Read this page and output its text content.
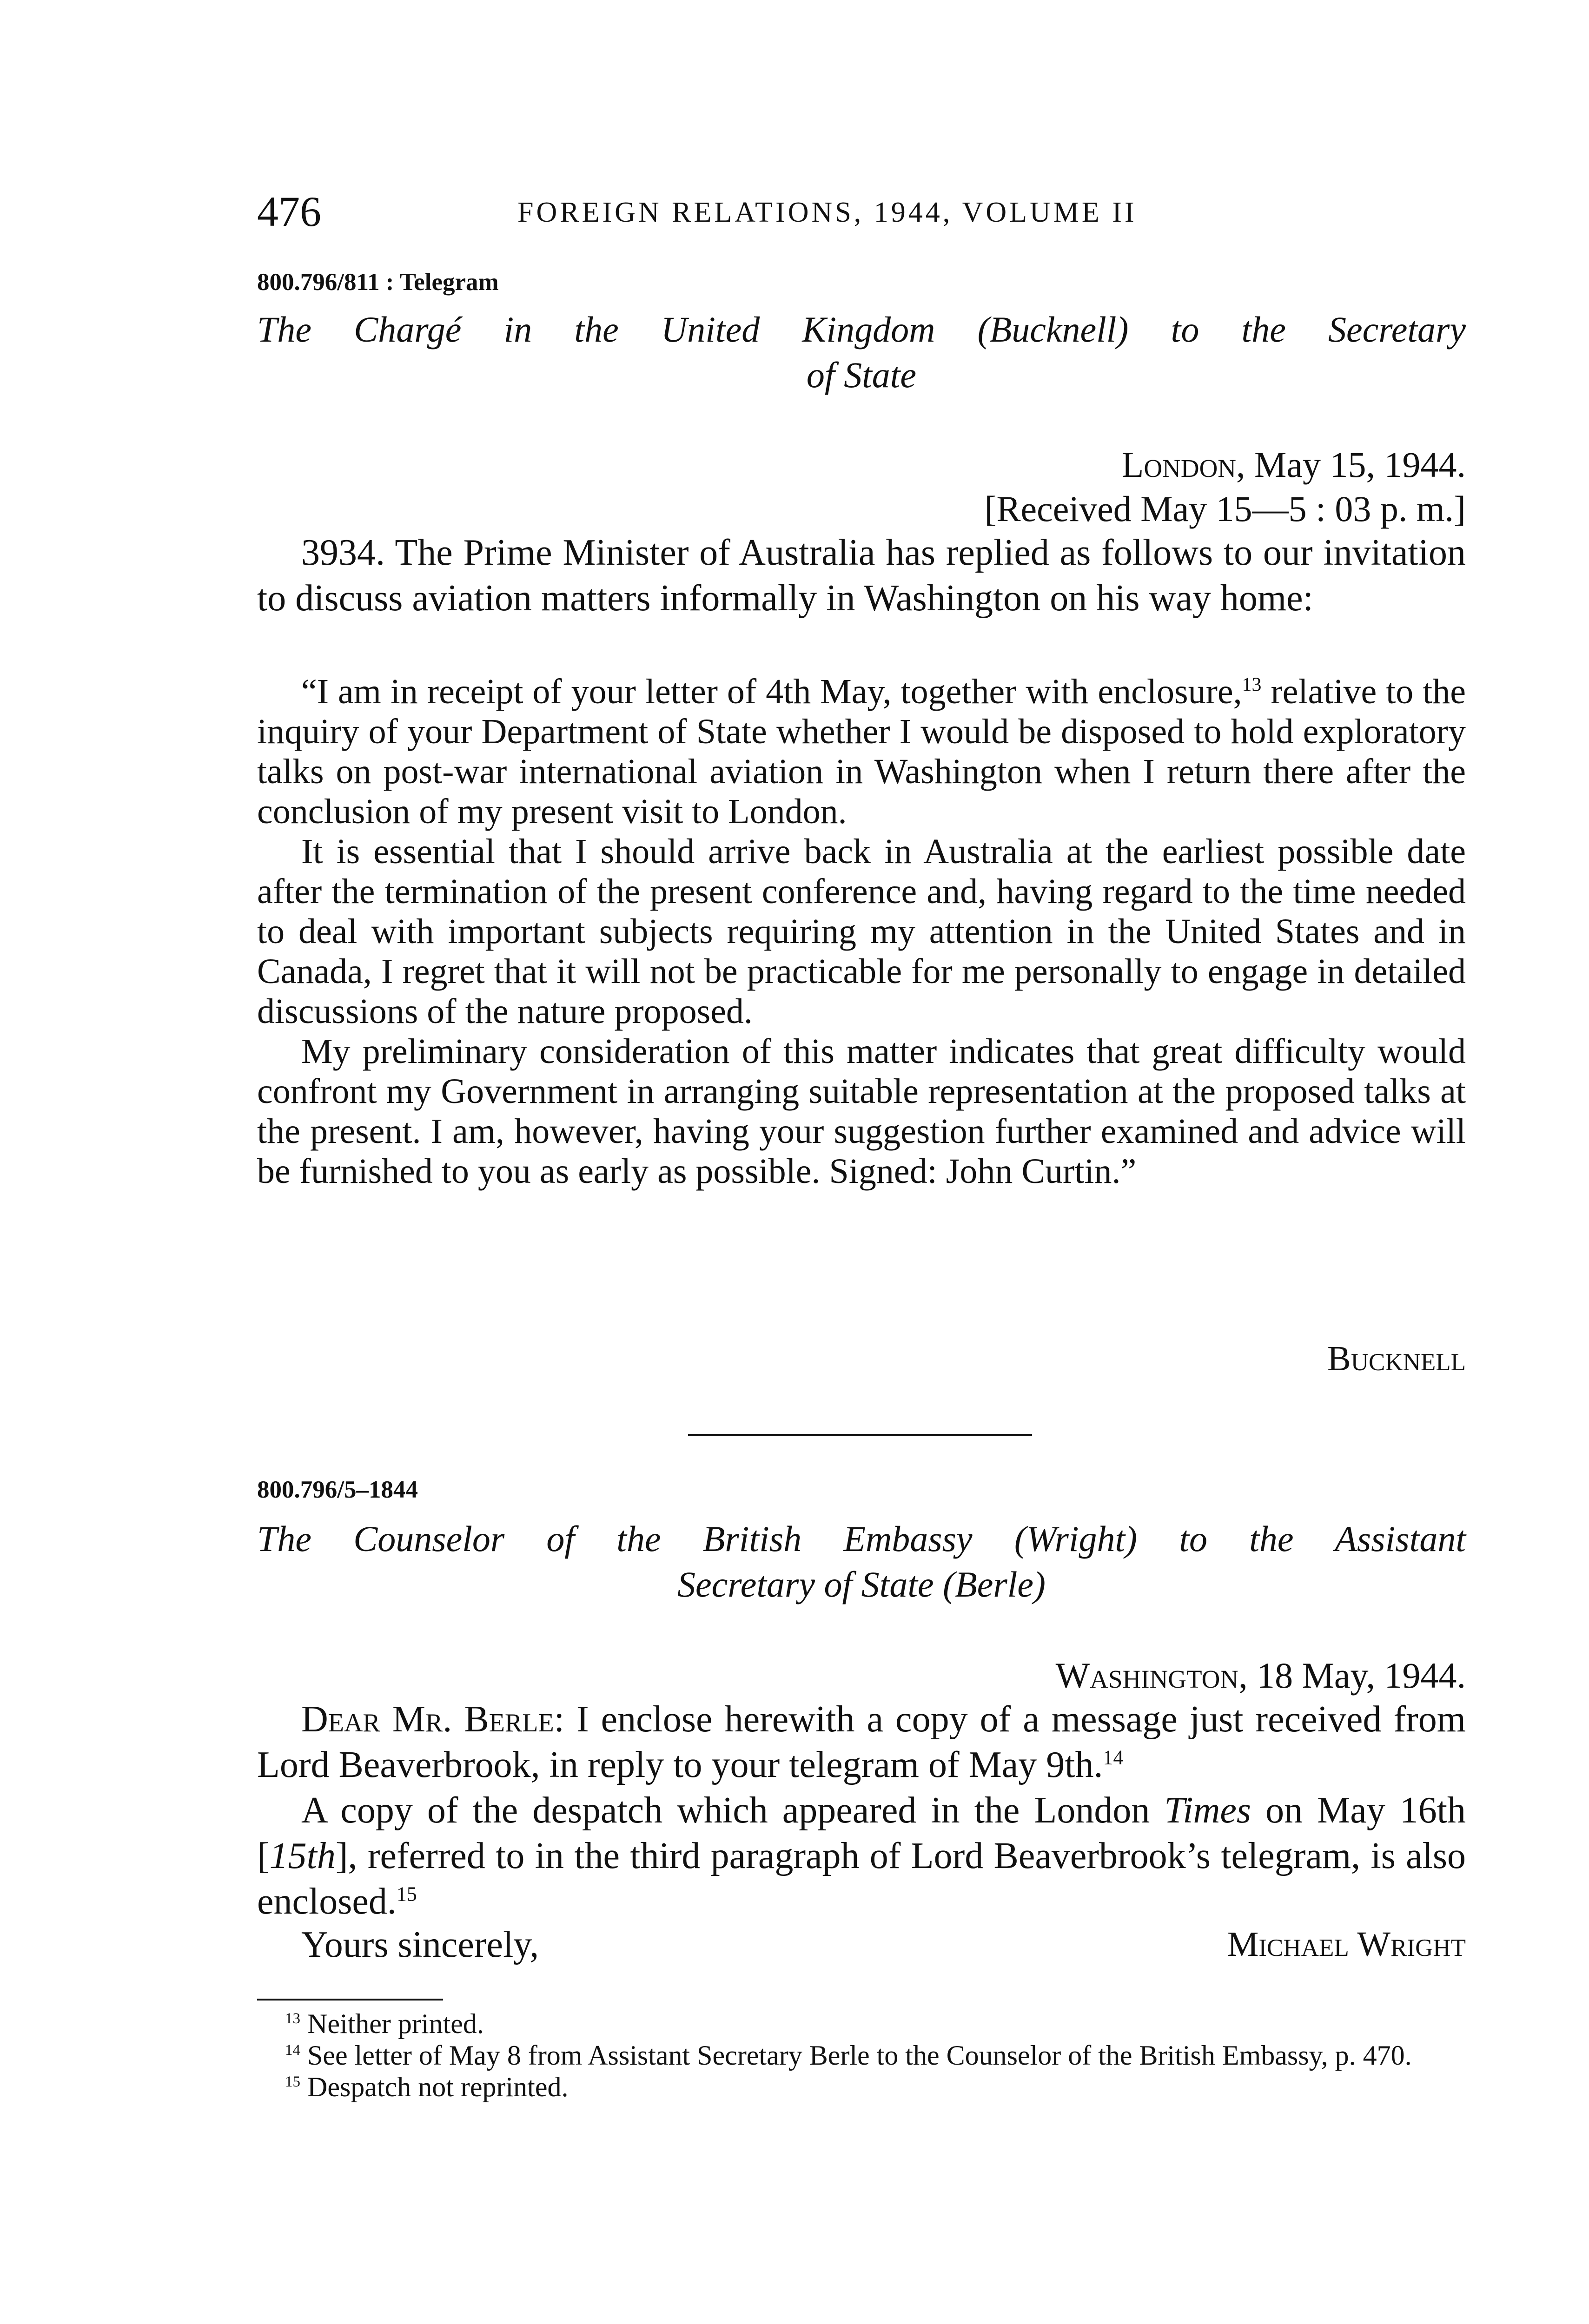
476	FOREIGN RELATIONS, 1944, VOLUME II
800.796/811 : Telegram
The Chargé in the United Kingdom (Bucknell) to the Secretary
of State
London, May 15, 1944.
[Received May 15—5 : 03 p. m.]
3934. The Prime Minister of Australia has replied as follows to our invitation to discuss aviation matters informally in Washington on his way home:

“I am in receipt of your letter of 4th May, together with enclosure,$^{13}$ relative to the inquiry of your Department of State whether I would be disposed to hold exploratory talks on post-war international aviation in Washington when I return there after the conclusion of my present visit to London.

It is essential that I should arrive back in Australia at the earliest possible date after the termination of the present conference and, having regard to the time needed to deal with important subjects requiring my attention in the United States and in Canada, I regret that it will not be practicable for me personally to engage in detailed discussions of the nature proposed.

My preliminary consideration of this matter indicates that great difficulty would confront my Government in arranging suitable representation at the proposed talks at the present. I am, however, having your suggestion further examined and advice will be furnished to you as early as possible. Signed: John Curtin.”

Bucknell
800.796/5–1844
The Counselor of the British Embassy (Wright) to the Assistant
Secretary of State (Berle)
Washington, 18 May, 1944.

Dear Mr. Berle: I enclose herewith a copy of a message just received from Lord Beaverbrook, in reply to your telegram of May 9th.$^{14}$

A copy of the despatch which appeared in the London Times on May 16th [15th], referred to in the third paragraph of Lord Beaverbrook’s telegram, is also enclosed.$^{15}$

Yours sincerely,	Michael Wright

$^{13}$ Neither printed.

$^{14}$ See letter of May 8 from Assistant Secretary Berle to the Counselor of the British Embassy, p. 470.

$^{15}$ Despatch not reprinted.
